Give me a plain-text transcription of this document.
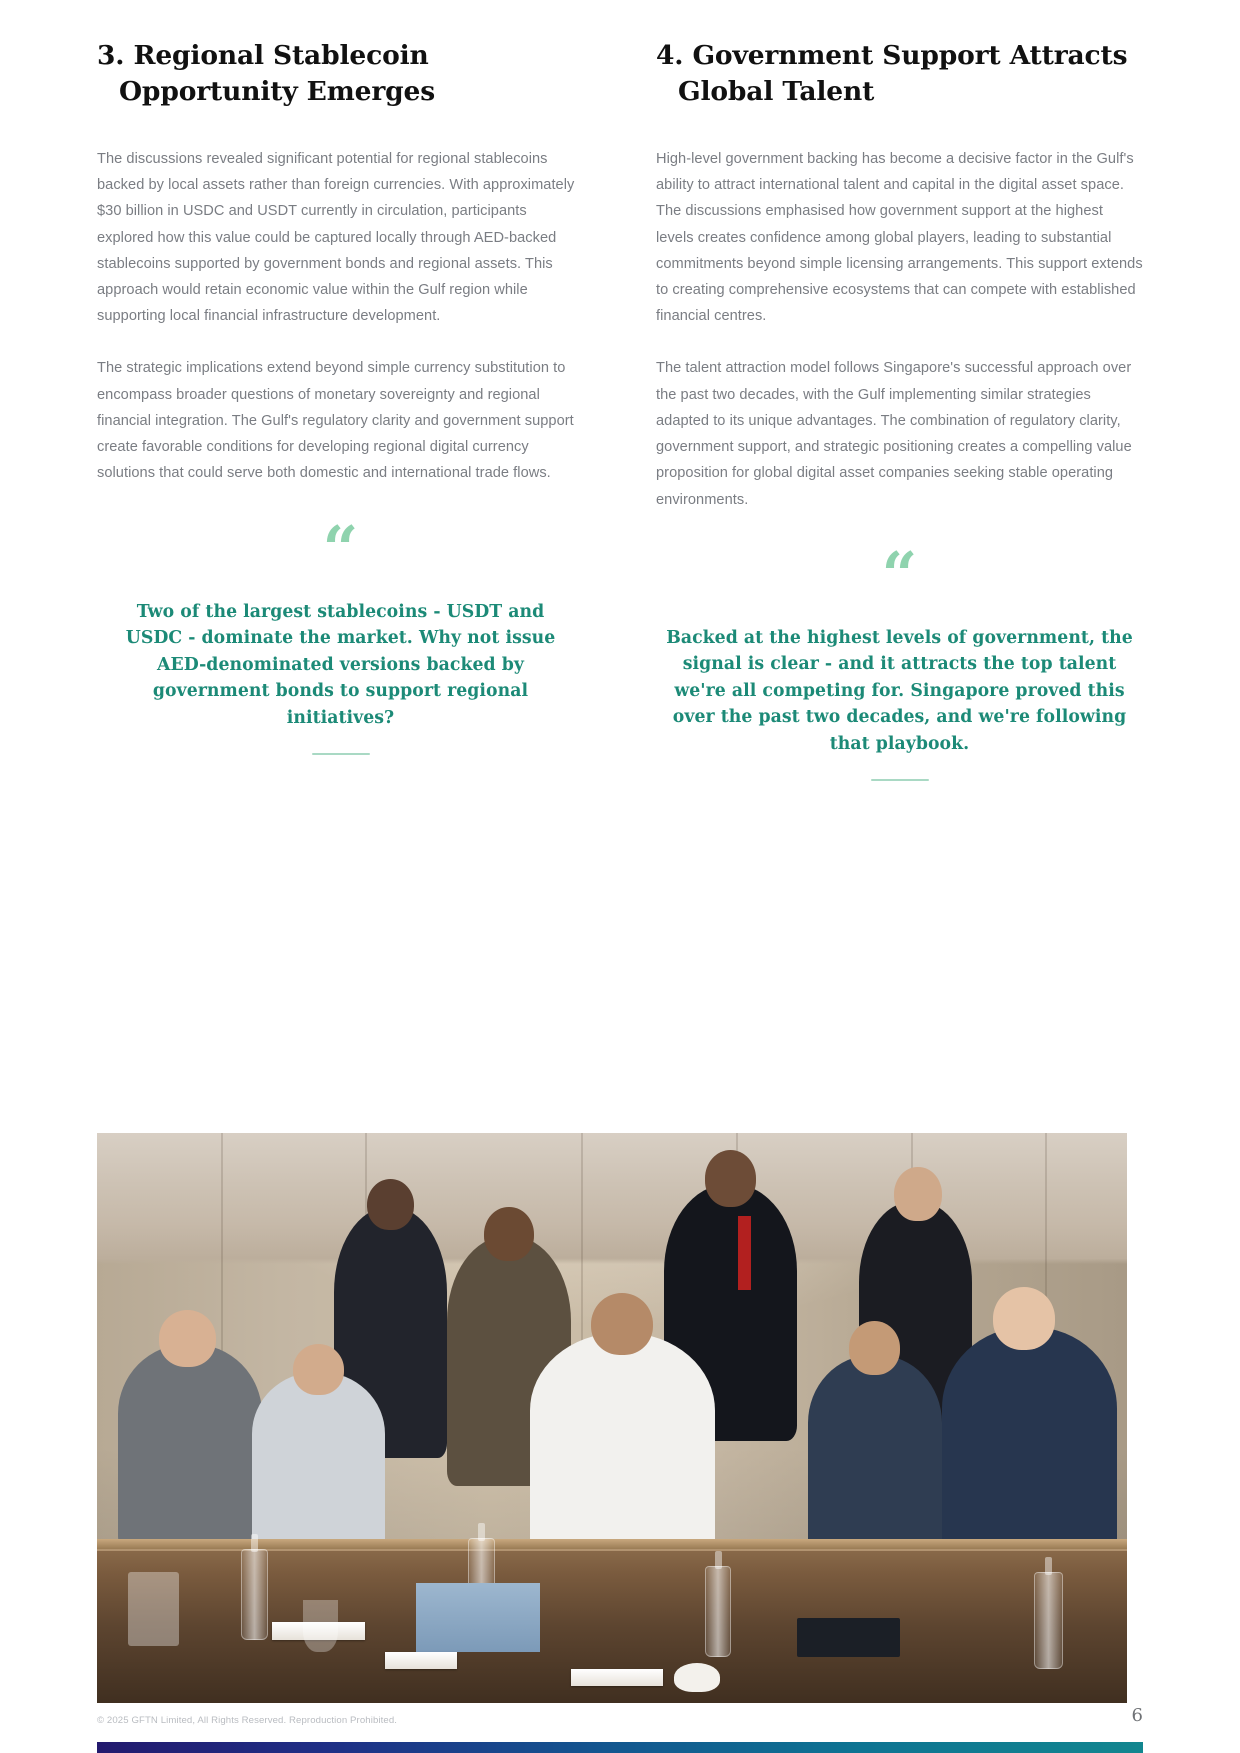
3. Regional Stablecoin
Opportunity Emerges

The discussions revealed significant potential for regional stablecoins backed by local assets rather than foreign currencies. With approximately $30 billion in USDC and USDT currently in circulation, participants explored how this value could be captured locally through AED-backed stablecoins supported by government bonds and regional assets. This approach would retain economic value within the Gulf region while supporting local financial infrastructure development.

The strategic implications extend beyond simple currency substitution to encompass broader questions of monetary sovereignty and regional financial integration. The Gulf's regulatory clarity and government support create favorable conditions for developing regional digital currency solutions that could serve both domestic and international trade flows.

“
Two of the largest stablecoins - USDT and USDC - dominate the market. Why not issue AED-denominated versions backed by government bonds to support regional initiatives?
4. Government Support Attracts
Global Talent

High-level government backing has become a decisive factor in the Gulf's ability to attract international talent and capital in the digital asset space. The discussions emphasised how government support at the highest levels creates confidence among global players, leading to substantial commitments beyond simple licensing arrangements. This support extends to creating comprehensive ecosystems that can compete with established financial centres.

The talent attraction model follows Singapore's successful approach over the past two decades, with the Gulf implementing similar strategies adapted to its unique advantages. The combination of regulatory clarity, government support, and strategic positioning creates a compelling value proposition for global digital asset companies seeking stable operating environments.

“
Backed at the highest levels of government, the signal is clear - and it attracts the top talent we're all competing for. Singapore proved this over the past two decades, and we're following that playbook.
© 2025 GFTN Limited, All Rights Reserved. Reproduction Prohibited.	6
